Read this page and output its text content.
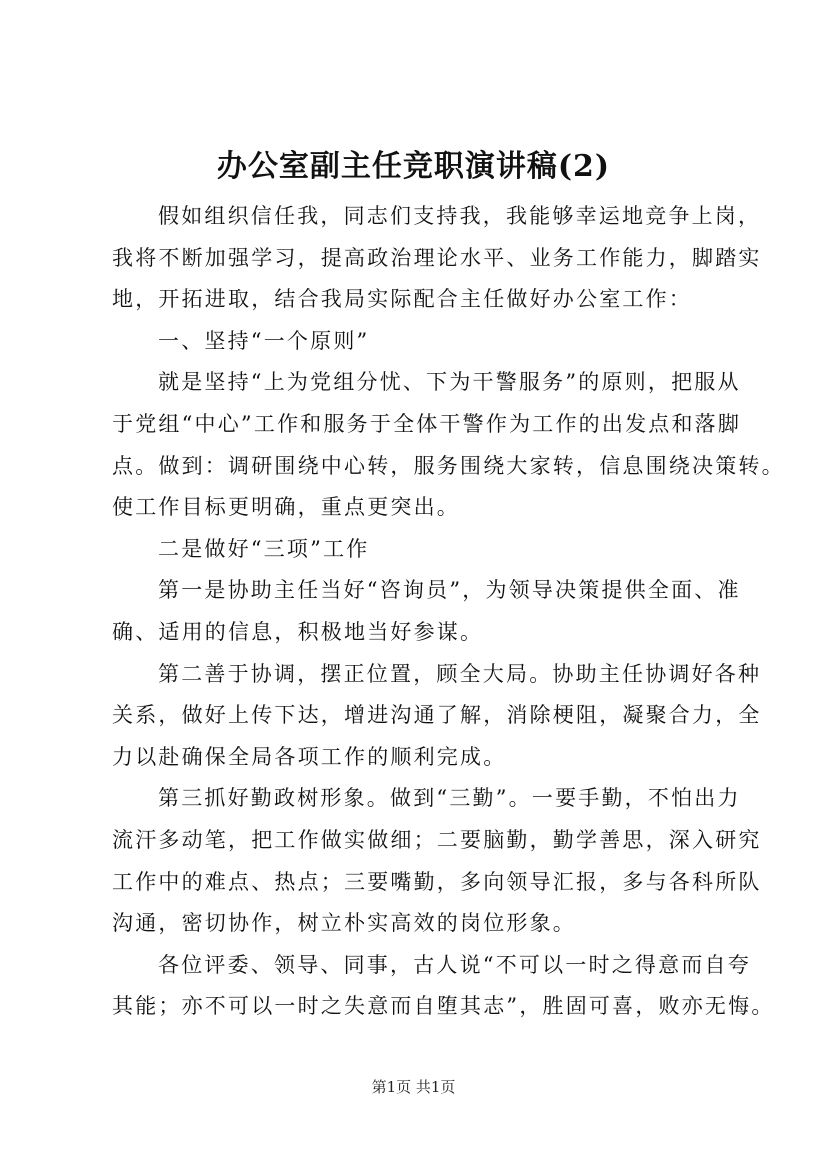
办公室副主任竞职演讲稿(2)
假如组织信任我，同志们支持我，我能够幸运地竞争上岗，
我将不断加强学习，提高政治理论水平、业务工作能力，脚踏实
地，开拓进取，结合我局实际配合主任做好办公室工作：
一、坚持“一个原则”
就是坚持“上为党组分忧、下为干警服务”的原则，把服从
于党组“中心”工作和服务于全体干警作为工作的出发点和落脚
点。做到：调研围绕中心转，服务围绕大家转，信息围绕决策转。
使工作目标更明确，重点更突出。
二是做好“三项”工作
第一是协助主任当好“咨询员”，为领导决策提供全面、准
确、适用的信息，积极地当好参谋。
第二善于协调，摆正位置，顾全大局。协助主任协调好各种
关系，做好上传下达，增进沟通了解，消除梗阻，凝聚合力，全
力以赴确保全局各项工作的顺利完成。
第三抓好勤政树形象。做到“三勤”。一要手勤，不怕出力
流汗多动笔，把工作做实做细；二要脑勤，勤学善思，深入研究
工作中的难点、热点；三要嘴勤，多向领导汇报，多与各科所队
沟通，密切协作，树立朴实高效的岗位形象。
各位评委、领导、同事，古人说“不可以一时之得意而自夸
其能；亦不可以一时之失意而自堕其志”，胜固可喜，败亦无悔。
第1页 共1页
